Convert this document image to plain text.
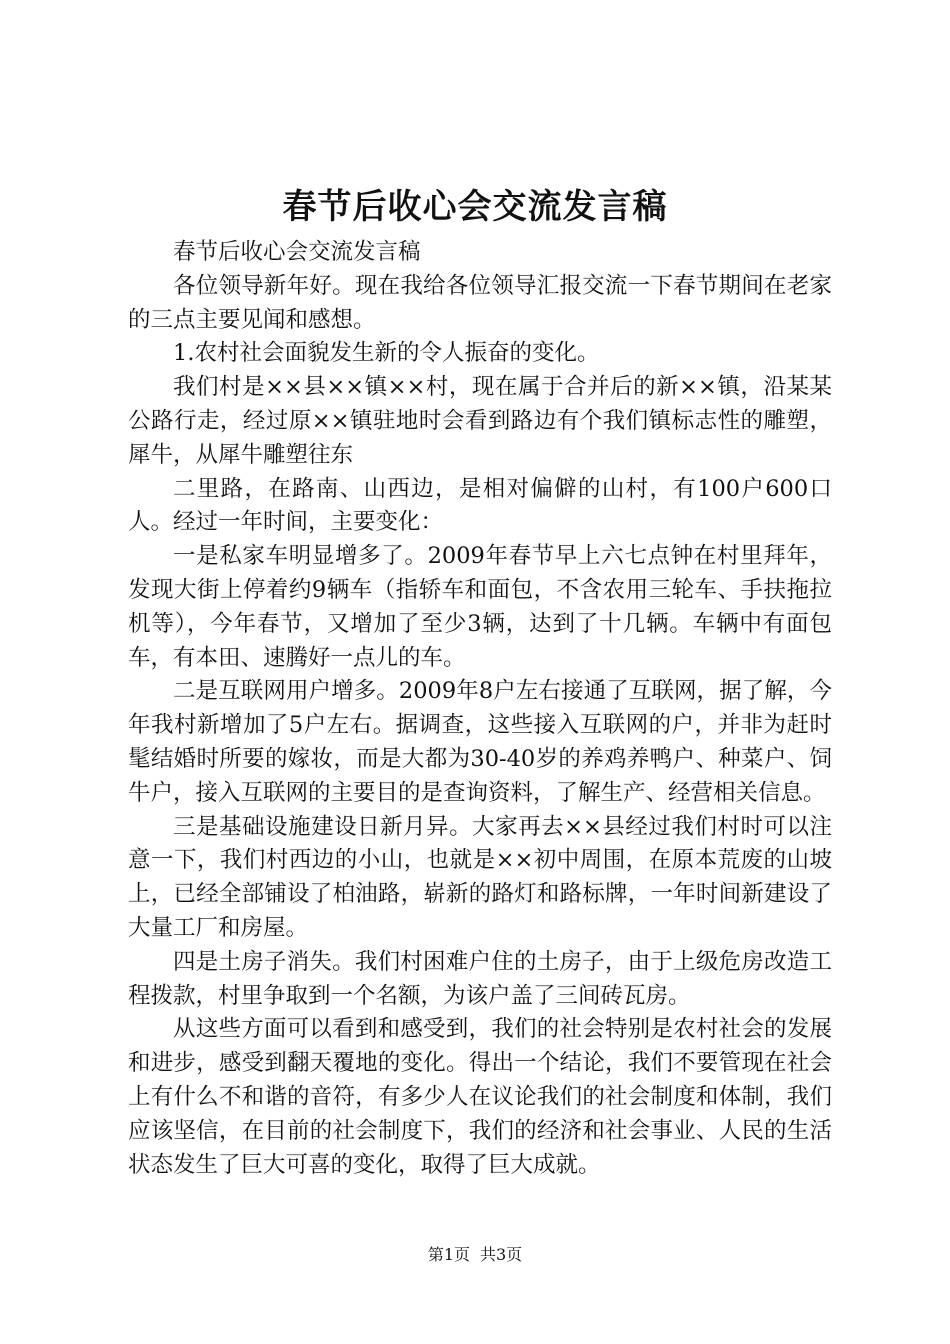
春节后收心会交流发言稿

春节后收心会交流发言稿

各位领导新年好。现在我给各位领导汇报交流一下春节期间在老家的三点主要见闻和感想。

1.农村社会面貌发生新的令人振奋的变化。

我们村是××县××镇××村，现在属于合并后的新××镇，沿某某公路行走，经过原××镇驻地时会看到路边有个我们镇标志性的雕塑，犀牛，从犀牛雕塑往东

二里路，在路南、山西边，是相对偏僻的山村，有100户600口人。经过一年时间，主要变化：

一是私家车明显增多了。2009年春节早上六七点钟在村里拜年，发现大街上停着约9辆车（指轿车和面包，不含农用三轮车、手扶拖拉机等），今年春节，又增加了至少3辆，达到了十几辆。车辆中有面包车，有本田、速腾好一点儿的车。

二是互联网用户增多。2009年8户左右接通了互联网，据了解，今年我村新增加了5户左右。据调查，这些接入互联网的户，并非为赶时髦结婚时所要的嫁妆，而是大都为30-40岁的养鸡养鸭户、种菜户、饲牛户，接入互联网的主要目的是查询资料，了解生产、经营相关信息。

三是基础设施建设日新月异。大家再去××县经过我们村时可以注意一下，我们村西边的小山，也就是××初中周围，在原本荒废的山坡上，已经全部铺设了柏油路，崭新的路灯和路标牌，一年时间新建设了大量工厂和房屋。

四是土房子消失。我们村困难户住的土房子，由于上级危房改造工程拨款，村里争取到一个名额，为该户盖了三间砖瓦房。

从这些方面可以看到和感受到，我们的社会特别是农村社会的发展和进步，感受到翻天覆地的变化。得出一个结论，我们不要管现在社会上有什么不和谐的音符，有多少人在议论我们的社会制度和体制，我们应该坚信，在目前的社会制度下，我们的经济和社会事业、人民的生活状态发生了巨大可喜的变化，取得了巨大成就。

第1页 共3页
